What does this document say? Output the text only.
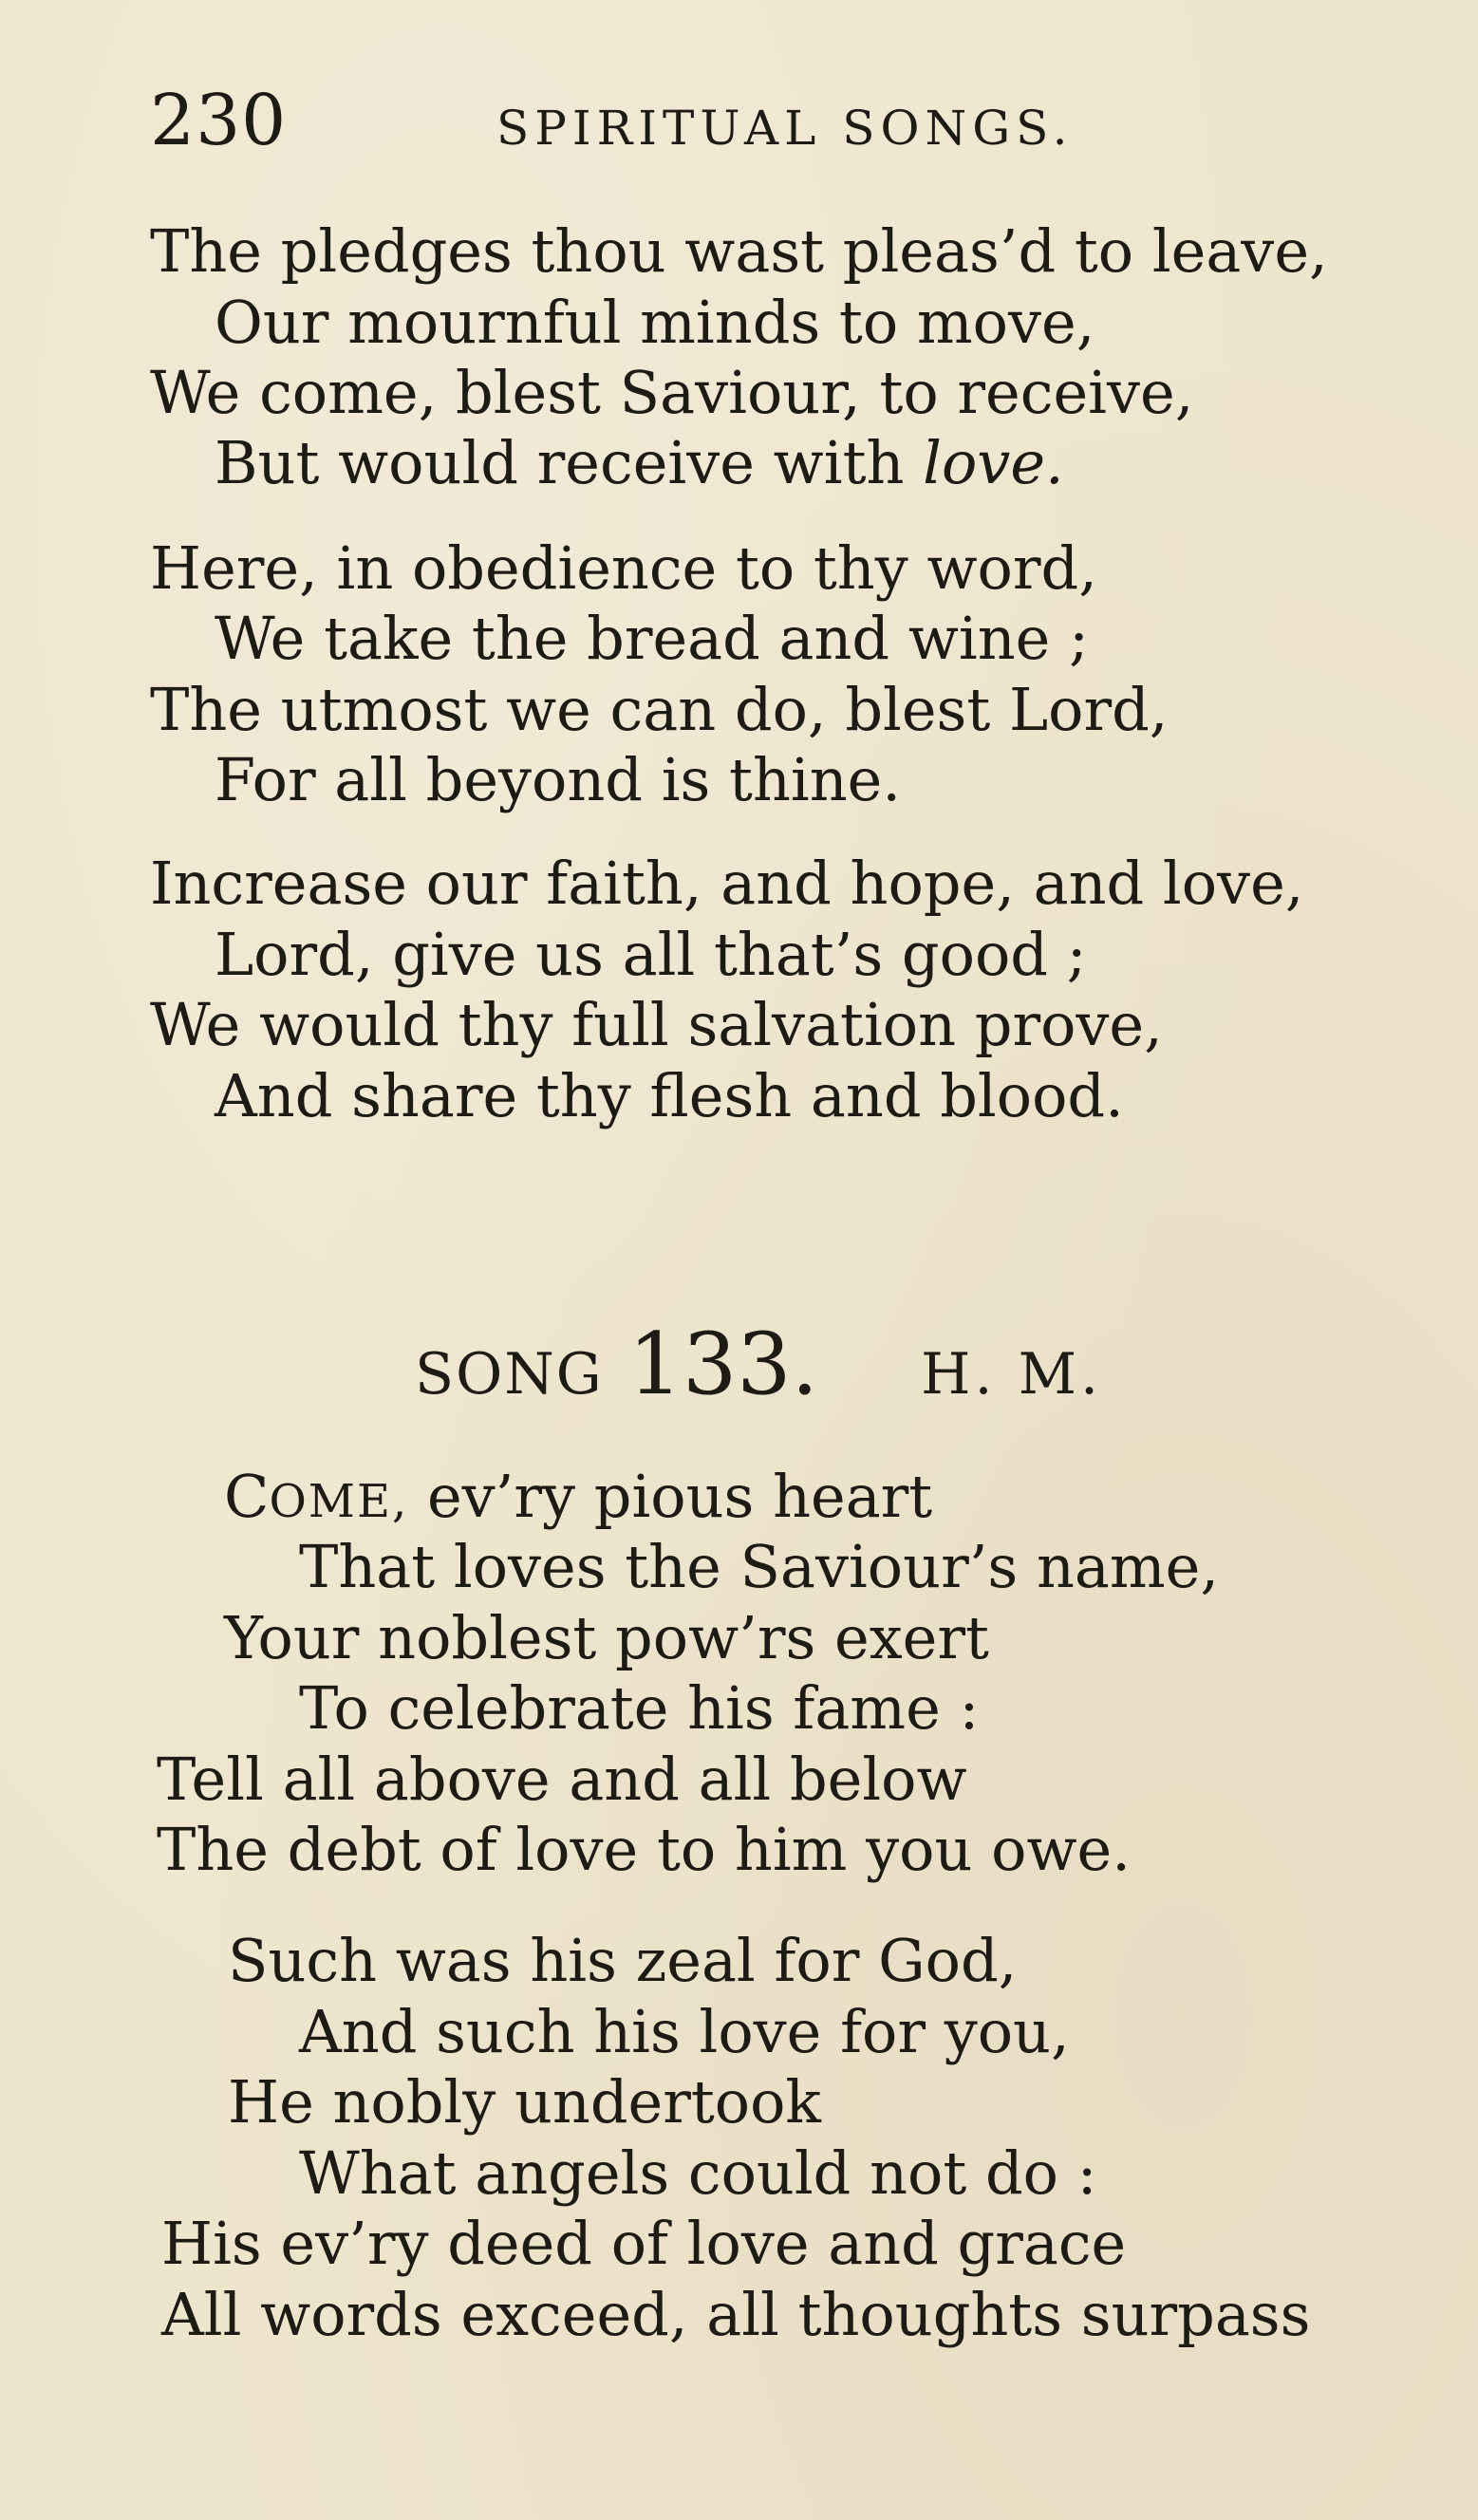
230	SPIRITUAL SONGS.
The pledges thou wast pleas’d to leave,
Our mournful minds to move,
We come, blest Saviour, to receive,
But would receive with love.
Here, in obedience to thy word,
We take the bread and wine ;
The utmost we can do, blest Lord,
For all beyond is thine.
Increase our faith, and hope, and love,
Lord, give us all that’s good ;
We would thy full salvation prove,
And share thy flesh and blood.
SONG 133. H. M.
COME, ev’ry pious heart
That loves the Saviour’s name,
Your noblest pow’rs exert
To celebrate his fame :
Tell all above and all below
The debt of love to him you owe.
Such was his zeal for God,
And such his love for you,
He nobly undertook
What angels could not do :
His ev’ry deed of love and grace
All words exceed, all thoughts surpass
